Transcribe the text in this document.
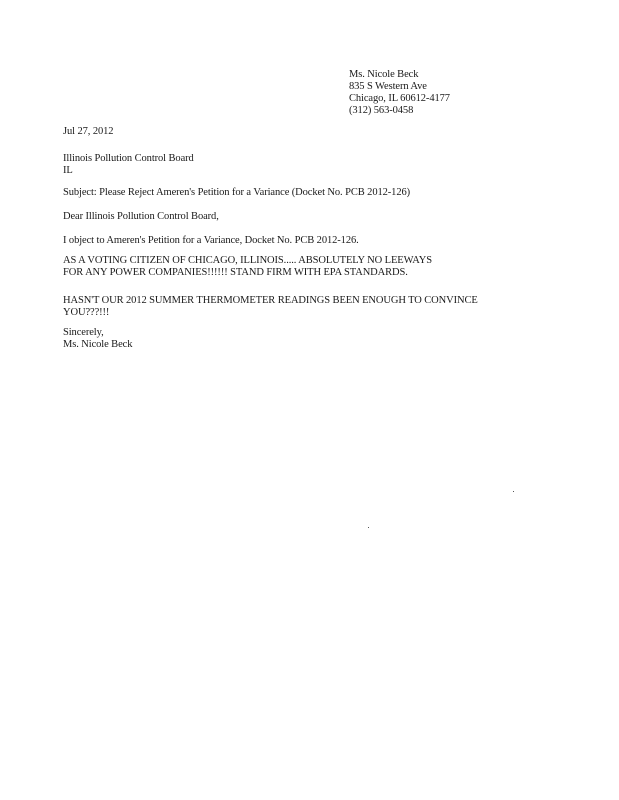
Ms. Nicole Beck
835 S Western Ave
Chicago, IL 60612-4177
(312) 563-0458

Jul 27, 2012

Illinois Pollution Control Board

IL

Subject: Please Reject Ameren's Petition for a Variance (Docket No. PCB 2012-126)

Dear Illinois Pollution Control Board,

I object to Ameren's Petition for a Variance, Docket No. PCB 2012-126.

AS A VOTING CITIZEN OF CHICAGO, ILLINOIS..... ABSOLUTELY NO LEEWAYS

FOR ANY POWER COMPANIES!!!!!! STAND FIRM WITH EPA STANDARDS.

HASN'T OUR 2012 SUMMER THERMOMETER READINGS BEEN ENOUGH TO CONVINCE

YOU???!!!

Sincerely,

Ms. Nicole Beck
